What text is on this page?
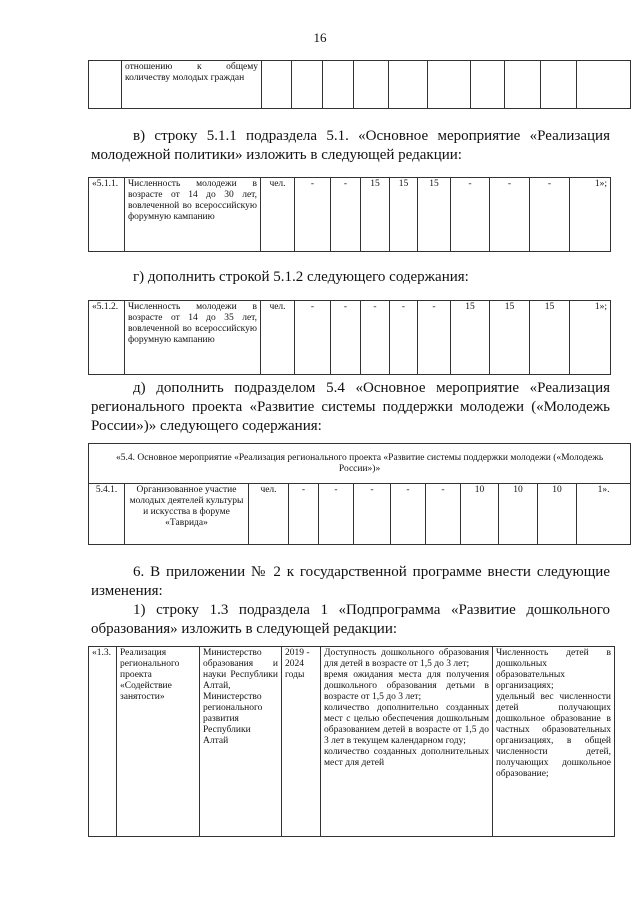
16
	отношению к общему количеству молодых граждан										
в) строку 5.1.1 подраздела 5.1. «Основное мероприятие «Реализация молодежной политики» изложить в следующей редакции:
«5.1.1.	Численность молодежи в возрасте от 14 до 30 лет, вовлеченной во всероссийскую форумную кампанию	чел.	-	-	15	15	15	-	-	-	1»;
г) дополнить строкой 5.1.2 следующего содержания:
«5.1.2.	Численность молодежи в возрасте от 14 до 35 лет, вовлеченной во всероссийскую форумную кампанию	чел.	-	-	-	-	-	15	15	15	1»;
д) дополнить подразделом 5.4 «Основное мероприятие «Реализация регионального проекта «Развитие системы поддержки молодежи («Молодежь России»)» следующего содержания:
«5.4. Основное мероприятие «Реализация регионального проекта «Развитие системы поддержки молодежи («Молодежь России»)»
5.4.1.	Организованное участие молодых деятелей культуры и искусства в форуме «Таврида»	чел.	-	-	-	-	-	10	10	10	1».
6. В приложении № 2 к государственной программе внести следующие изменения:
1) строку 1.3 подраздела 1 «Подпрограмма «Развитие дошкольного образования» изложить в следующей редакции:
«1.3.	Реализация регионального проекта «Содействие занятости»	Министерство образования и науки Республики Алтай, Министерство регионального развития Республики Алтай	2019 - 2024 годы	Доступность дошкольного образования для детей в возрасте от 1,5 до 3 лет;
время ожидания места для получения дошкольного образования детьми в возрасте от 1,5 до 3 лет;
количество дополнительно созданных мест с целью обеспечения дошкольным образованием детей в возрасте от 1,5 до 3 лет в текущем календарном году;
количество созданных дополнительных мест для детей	Численность детей в дошкольных образовательных организациях;
удельный вес численности детей получающих дошкольное образование в частных образовательных организациях, в общей численности детей, получающих дошкольное образование;
